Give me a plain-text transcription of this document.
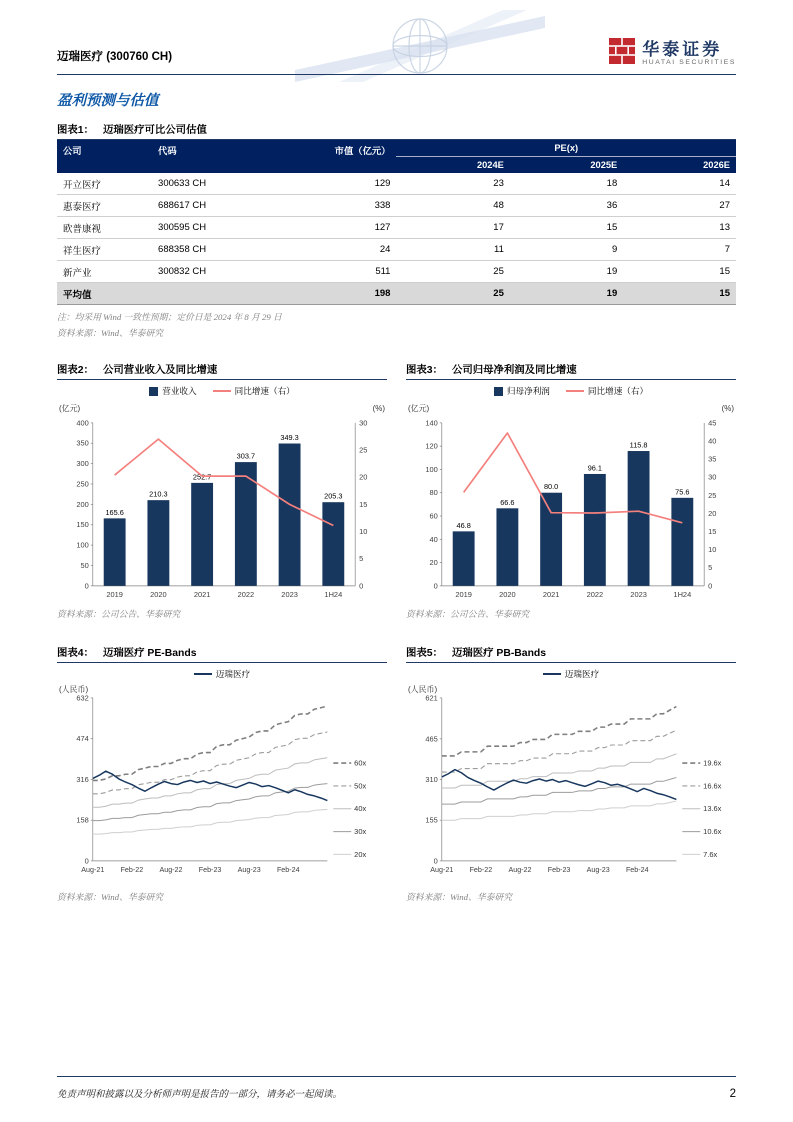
迈瑞医疗 (300760 CH)	华泰证券
HUATAI SECURITIES
盈利预测与估值
图表1： 迈瑞医疗可比公司估值
公司	代码	市值（亿元）	PE(x)		
			2024E	2025E	2026E
开立医疗	300633 CH	129	23	18	14
惠泰医疗	688617 CH	338	48	36	27
欧普康视	300595 CH	127	17	15	13
祥生医疗	688358 CH	24	11	9	7
新产业	300832 CH	511	25	19	15
平均值		198	25	19	15
注：均采用 Wind 一致性预期；定价日是 2024 年 8 月 29 日
资料来源：Wind、华泰研究
图表2： 公司营业收入及同比增速
营业收入	同比增速（右）
(亿元)	(%)
0
50
100
150
200
250
300
350
400
0
5
10
15
20
25
30
165.6
2019
210.3
2020
252.7
2021
303.7
2022
349.3
2023
205.3
1H24
资料来源：公司公告、华泰研究
图表3： 公司归母净利润及同比增速
归母净利润	同比增速（右）
(亿元)	(%)
0
20
40
60
80
100
120
140
0
5
10
15
20
25
30
35
40
45
46.8
2019
66.6
2020
80.0
2021
96.1
2022
115.8
2023
75.6
1H24
资料来源：公司公告、华泰研究
图表4： 迈瑞医疗 PE-Bands
迈瑞医疗
(人民币)
0
158
316
474
632
Aug-21 Feb-22 Aug-22 Feb-23 Aug-23 Feb-24
60x
50x
40x
30x
20x
资料来源：Wind、华泰研究
图表5： 迈瑞医疗 PB-Bands
迈瑞医疗
(人民币)
0
155
310
465
621
Aug-21 Feb-22 Aug-22 Feb-23 Aug-23 Feb-24
19.6x
16.6x
13.6x
10.6x
7.6x
资料来源：Wind、华泰研究
免责声明和披露以及分析师声明是报告的一部分，请务必一起阅读。	2
